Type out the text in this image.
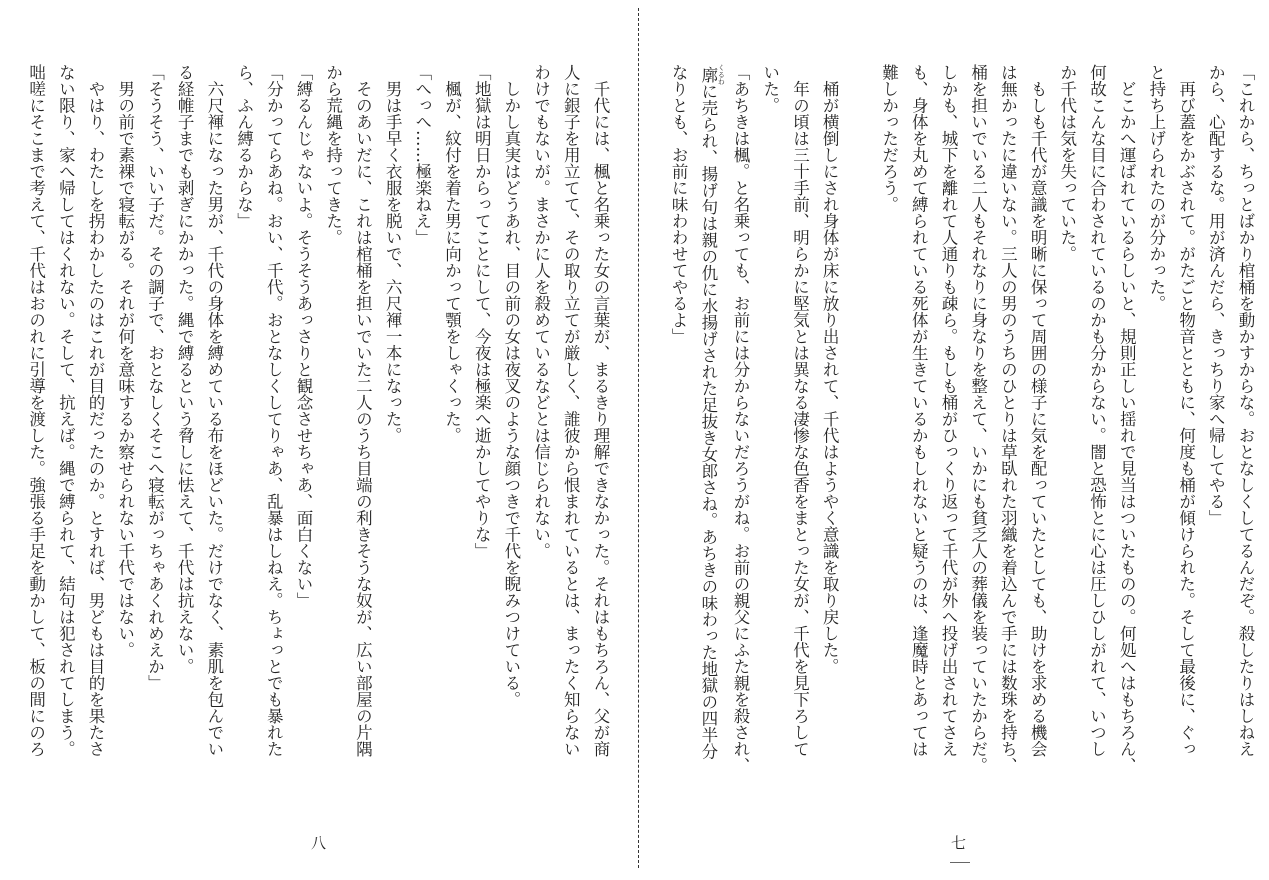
「これから、ちっとばかり棺桶を動かすからな。おとなしくしてるんだぞ。殺したりはしねえ
から、心配するな。用が済んだら、きっちり家へ帰してやる」
　再び蓋をかぶされて。がたごと物音とともに、何度も桶が傾けられた。そして最後に、ぐっ
と持ち上げられたのが分かった。
　どこかへ運ばれているらしいと、規則正しい揺れで見当はついたものの。何処へはもちろん、
何故こんな目に合わされているのかも分からない。闇と恐怖とに心は圧しひしがれて、いつし
か千代は気を失っていた。
　もしも千代が意識を明晰に保って周囲の様子に気を配っていたとしても、助けを求める機会
は無かったに違いない。三人の男のうちのひとりは草臥れた羽織を着込んで手には数珠を持ち、
桶を担いでいる二人もそれなりに身なりを整えて、いかにも貧乏人の葬儀を装っていたからだ。
しかも、城下を離れて人通りも疎ら。もしも桶がひっくり返って千代が外へ投げ出されてさえ
も、身体を丸めて縛られている死体が生きているかもしれないと疑うのは、逢魔時とあっては
難しかっただろう。

　桶が横倒しにされ身体が床に放り出されて、千代はようやく意識を取り戻した。
　年の頃は三十手前、明らかに堅気とは異なる凄惨な色香をまとった女が、千代を見下ろして
いた。
「あちきは楓。と名乗っても、お前には分からないだろうがね。お前の親父にふた親を殺され、
廓 くるわに売られ、揚げ句は親の仇に水揚げされた足抜き女郎さね。あちきの味わった地獄の四半分
なりとも、お前に味わわせてやるよ」
　千代には、楓と名乗った女の言葉が、まるきり理解できなかった。それはもちろん、父が商
人に銀子を用立てて、その取り立てが厳しく、誰彼から恨まれているとは、まったく知らない
わけでもないが。まさかに人を殺めているなどとは信じられない。
　しかし真実はどうあれ、目の前の女は夜叉のような顔つきで千代を睨みつけている。
「地獄は明日からってことにして、今夜は極楽へ逝かしてやりな」
　楓が、紋付を着た男に向かって顎をしゃくった。
「へっへ……極楽ねえ」
　男は手早く衣服を脱いで、六尺褌一本になった。
　そのあいだに、これは棺桶を担いでいた二人のうち目端の利きそうな奴が、広い部屋の片隅
から荒縄を持ってきた。
「縛るんじゃないよ。そうそうあっさりと観念させちゃあ、面白くない」
「分かってらあね。おい、千代。おとなしくしてりゃあ、乱暴はしねえ。ちょっとでも暴れた
ら、ふん縛るからな」
　六尺褌になった男が、千代の身体を縛めている布をほどいた。だけでなく、素肌を包んでい
る経帷子までも剥ぎにかかった。縄で縛るという脅しに怯えて、千代は抗えない。
「そうそう、いい子だ。その調子で、おとなしくそこへ寝転がっちゃあくれめえか」
　男の前で素裸で寝転がる。それが何を意味するか察せられない千代ではない。
　やはり、わたしを拐わかしたのはこれが目的だったのか。とすれば、男どもは目的を果たさ
ない限り、家へ帰してはくれない。そして、抗えば。縄で縛られて、結句は犯されてしまう。
咄嗟にそこまで考えて、千代はおのれに引導を渡した。強張る手足を動かして、板の間にのろ
八	七
